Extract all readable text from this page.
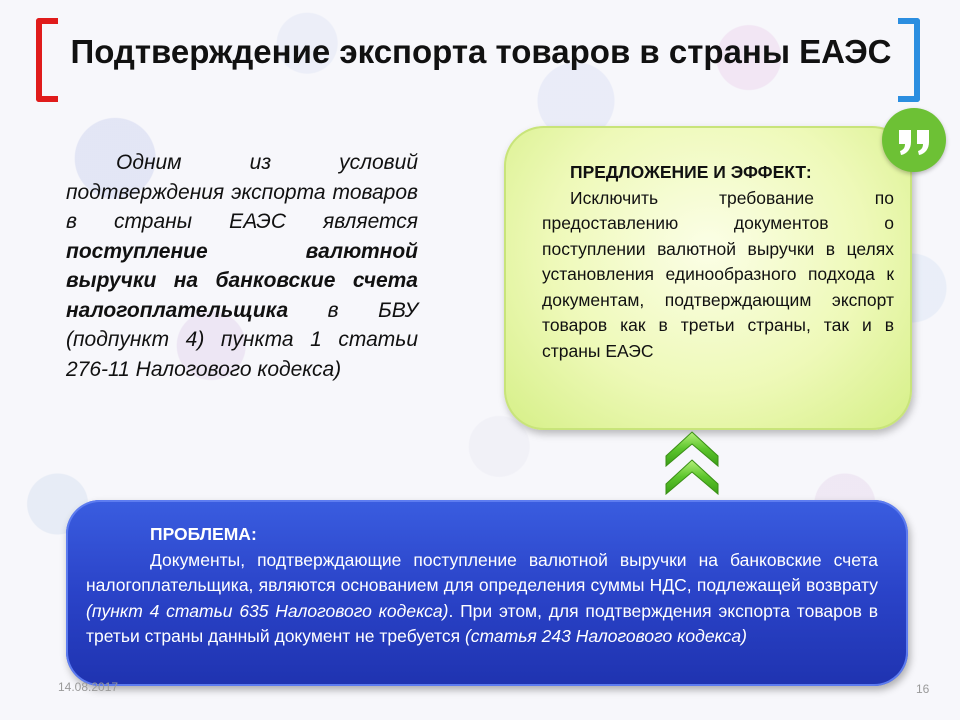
Подтверждение экспорта товаров в страны ЕАЭС

Одним из условий подтверждения экспорта товаров в страны ЕАЭС является поступление валютной выручки на банковские счета налогоплательщика в БВУ (подпункт 4) пункта 1 статьи 276-11 Налогового кодекса)

ПРЕДЛОЖЕНИЕ И ЭФФЕКТ:
Исключить требование по предоставлению документов о поступлении валютной выручки в целях установления единообразного подхода к документам, подтверждающим экспорт товаров как в третьи страны, так и в страны ЕАЭС
ПРОБЛЕМА:
Документы, подтверждающие поступление валютной выручки на банковские счета налогоплательщика, являются основанием для определения суммы НДС, подлежащей возврату (пункт 4 статьи 635 Налогового кодекса). При этом, для подтверждения экспорта товаров в третьи страны данный документ не требуется (статья 243 Налогового кодекса)
14.08.2017	16
